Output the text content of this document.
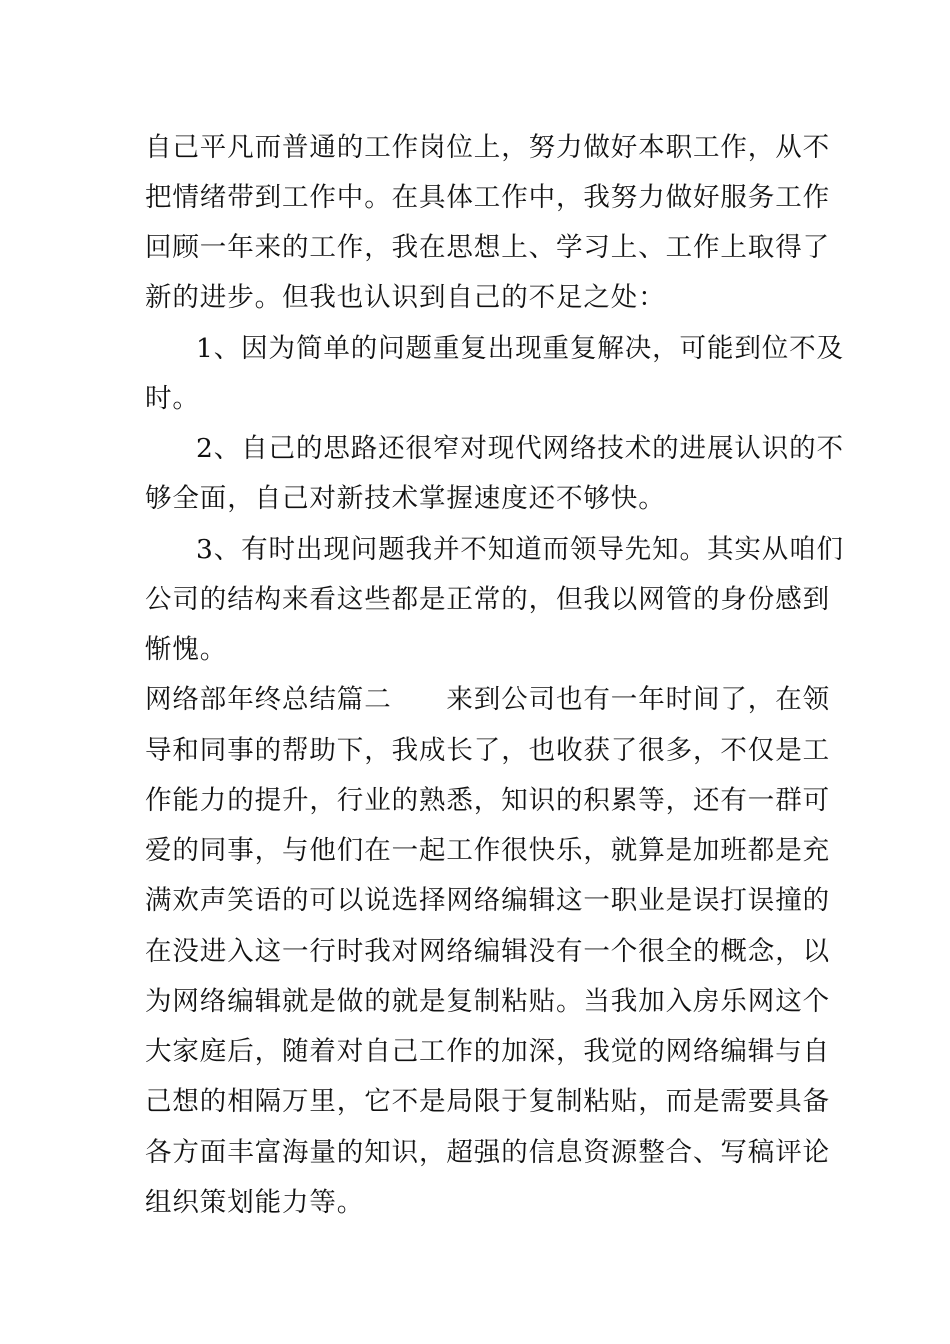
自己平凡而普通的工作岗位上，努力做好本职工作，从不
把情绪带到工作中。在具体工作中，我努力做好服务工作
回顾一年来的工作，我在思想上、学习上、工作上取得了
新的进步。但我也认识到自己的不足之处：
1、因为简单的问题重复出现重复解决，可能到位不及
时。
2、自己的思路还很窄对现代网络技术的进展认识的不
够全面，自己对新技术掌握速度还不够快。
3、有时出现问题我并不知道而领导先知。其实从咱们
公司的结构来看这些都是正常的，但我以网管的身份感到
惭愧。
网络部年终总结篇二　　来到公司也有一年时间了，在领
导和同事的帮助下，我成长了，也收获了很多，不仅是工
作能力的提升，行业的熟悉，知识的积累等，还有一群可
爱的同事，与他们在一起工作很快乐，就算是加班都是充
满欢声笑语的可以说选择网络编辑这一职业是误打误撞的
在没进入这一行时我对网络编辑没有一个很全的概念，以
为网络编辑就是做的就是复制粘贴。当我加入房乐网这个
大家庭后，随着对自己工作的加深，我觉的网络编辑与自
己想的相隔万里，它不是局限于复制粘贴，而是需要具备
各方面丰富海量的知识，超强的信息资源整合、写稿评论
组织策划能力等。
